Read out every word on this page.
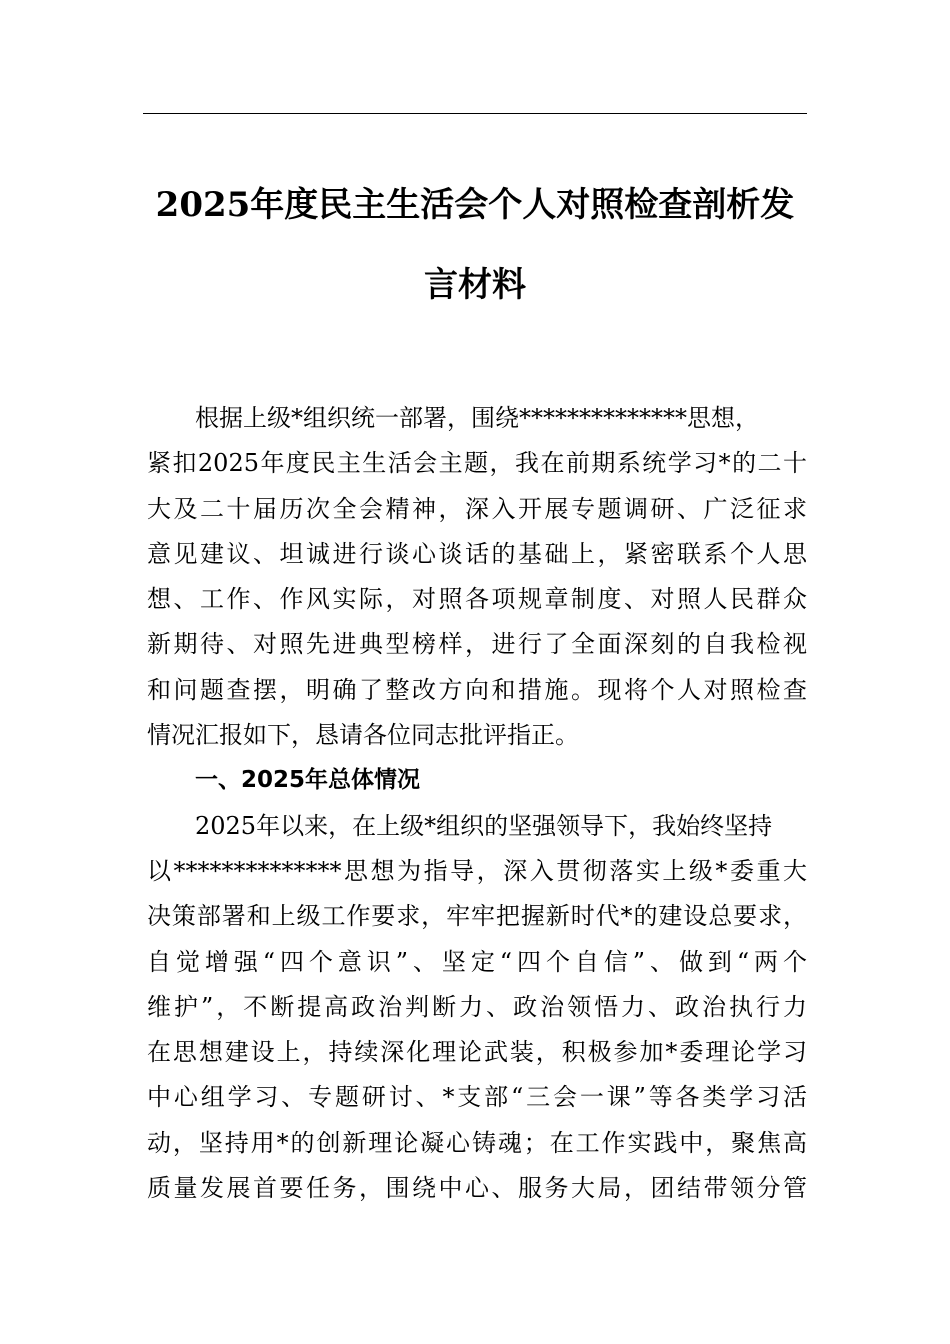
2025年度民主生活会个人对照检查剖析发
言材料
根据上级*组织统一部署，围绕**************思想，
紧扣2025年度民主生活会主题，我在前期系统学习*的二十
大及二十届历次全会精神，深入开展专题调研、广泛征求
意见建议、坦诚进行谈心谈话的基础上，紧密联系个人思
想、工作、作风实际，对照各项规章制度、对照人民群众
新期待、对照先进典型榜样，进行了全面深刻的自我检视
和问题查摆，明确了整改方向和措施。现将个人对照检查
情况汇报如下，恳请各位同志批评指正。
一、2025年总体情况
2025年以来，在上级*组织的坚强领导下，我始终坚持
以**************思想为指导，深入贯彻落实上级*委重大
决策部署和上级工作要求，牢牢把握新时代*的建设总要求，
自觉增强“四个意识”、坚定“四个自信”、做到“两个
维护”，不断提高政治判断力、政治领悟力、政治执行力
在思想建设上，持续深化理论武装，积极参加*委理论学习
中心组学习、专题研讨、*支部“三会一课”等各类学习活
动，坚持用*的创新理论凝心铸魂；在工作实践中，聚焦高
质量发展首要任务，围绕中心、服务大局，团结带领分管
